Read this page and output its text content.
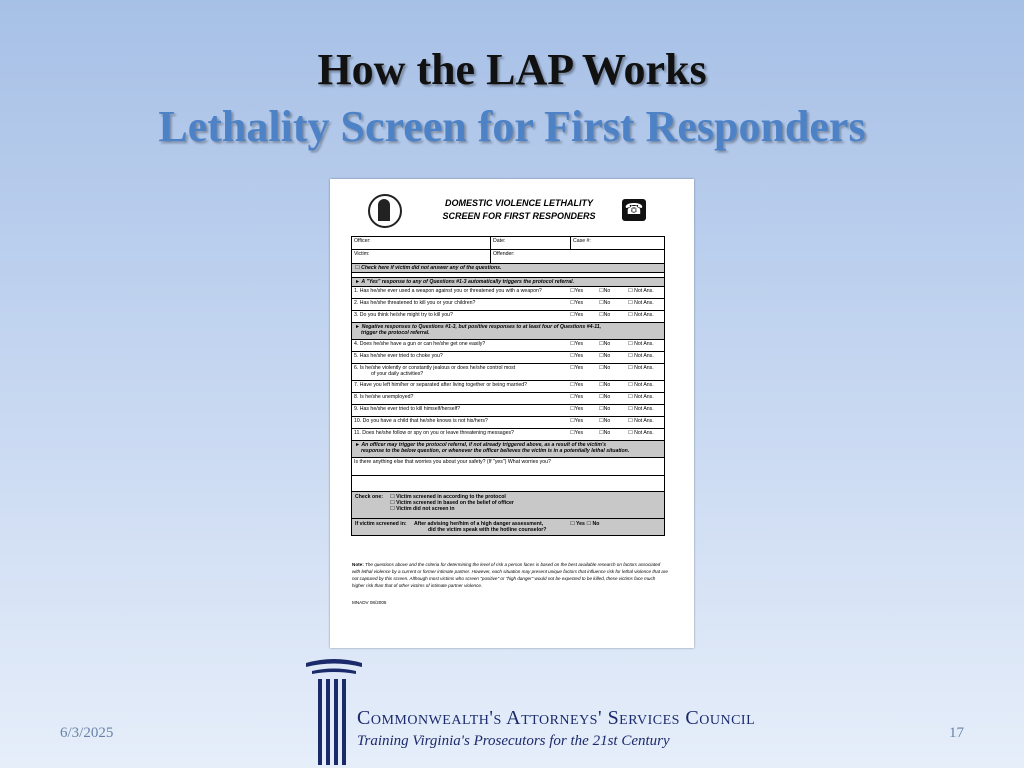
How the LAP Works
Lethality Screen for First Responders
DOMESTIC VIOLENCE LETHALITY
SCREEN FOR FIRST RESPONDERS	☎
Officer:	Date:	Case #:
Victim:	Offender:
☐ Check here if victim did not answer any of the questions.
► A "Yes" response to any of Questions #1-3 automatically triggers the protocol referral.
1. Has he/she ever used a weapon against you or threatened you with a weapon?	☐Yes	☐No	☐ Not Ans.
2. Has he/she threatened to kill you or your children?	☐Yes	☐No	☐ Not Ans.
3. Do you think he/she might try to kill you?	☐Yes	☐No	☐ Not Ans.
► Negative responses to Questions #1-3, but positive responses to at least four of Questions #4-11,
trigger the protocol referral.
4. Does he/she have a gun or can he/she get one easily?	☐Yes	☐No	☐ Not Ans.
5. Has he/she ever tried to choke you?	☐Yes	☐No	☐ Not Ans.
6. Is he/she violently or constantly jealous or does he/she control most
of your daily activities?
☐Yes	☐No	☐ Not Ans.
7. Have you left him/her or separated after living together or being married?	☐Yes	☐No	☐ Not Ans.
8. Is he/she unemployed?	☐Yes	☐No	☐ Not Ans.
9. Has he/she ever tried to kill himself/herself?	☐Yes	☐No	☐ Not Ans.
10. Do you have a child that he/she knows is not his/hers?	☐Yes	☐No	☐ Not Ans.
11. Does he/she follow or spy on you or leave threatening messages?	☐Yes	☐No	☐ Not Ans.
► An officer may trigger the protocol referral, if not already triggered above, as a result of the victim's
response to the below question, or whenever the officer believes the victim is in a potentially lethal situation.
Is there anything else that worries you about your safety? (If "yes") What worries you?
Check one: ☐ Victim screened in according to the protocol
☐ Victim screened in based on the belief of officer
☐ Victim did not screen in
If victim screened in: After advising her/him of a high danger assessment,
did the victim speak with the hotline counselor?
☐ Yes ☐ No
Note: The questions above and the criteria for determining the level of risk a person faces is based on the best available research on factors associated with lethal violence by a current or former intimate partner. However, each situation may present unique factors that influence risk for lethal violence that are not captured by this screen. Although most victims who screen "positive" or "high danger" would not be expected to be killed, these victims face much higher risk than that of other victims of intimate partner violence.
MNADV 08/2005
Commonwealth's Attorneys' Services Council
Training Virginia's Prosecutors for the 21st Century
6/3/2025	17
